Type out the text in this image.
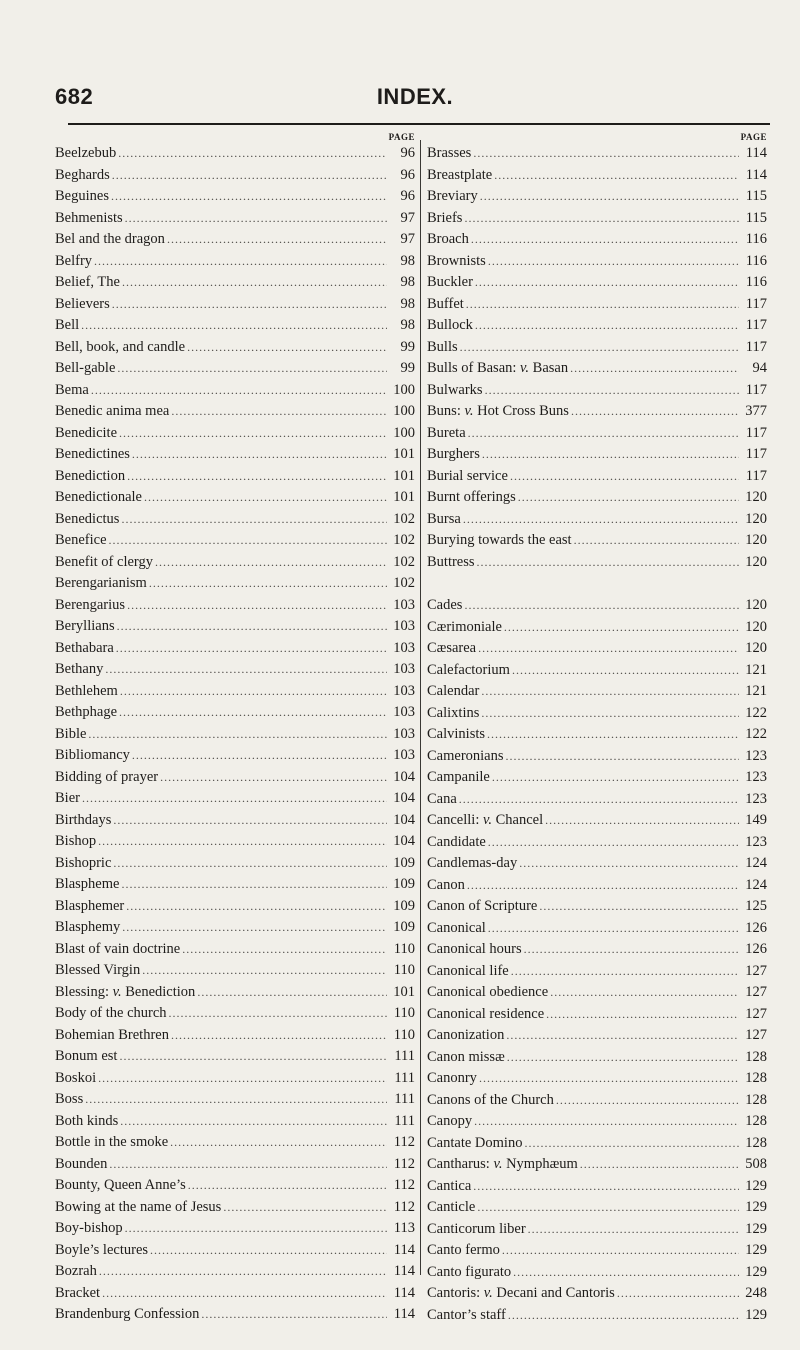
682	INDEX.
PAGE
Beelzebub .....	96
Beghards .....	96
Beguines .....	96
Behmenists .....	97
Bel and the dragon .....	97
Belfry .....	98
Belief, The .....	98
Believers .....	98
Bell .....	98
Bell, book, and candle .....	99
Bell-gable .....	99
Bema .....	100
Benedic anima mea .....	100
Benedicite .....	100
Benedictines .....	101
Benediction .....	101
Benedictionale .....	101
Benedictus .....	102
Benefice .....	102
Benefit of clergy .....	102
Berengarianism .....	102
Berengarius .....	103
Beryllians .....	103
Bethabara .....	103
Bethany .....	103
Bethlehem .....	103
Bethphage .....	103
Bible .....	103
Bibliomancy .....	103
Bidding of prayer .....	104
Bier .....	104
Birthdays .....	104
Bishop .....	104
Bishopric .....	109
Blaspheme .....	109
Blasphemer .....	109
Blasphemy .....	109
Blast of vain doctrine .....	110
Blessed Virgin .....	110
Blessing: v. Benediction .....	101
Body of the church .....	110
Bohemian Brethren .....	110
Bonum est .....	111
Boskoi .....	111
Boss .....	111
Both kinds .....	111
Bottle in the smoke .....	112
Bounden .....	112
Bounty, Queen Anne’s .....	112
Bowing at the name of Jesus .....	112
Boy-bishop .....	113
Boyle’s lectures .....	114
Bozrah .....	114
Bracket .....	114
Brandenburg Confession .....	114
PAGE
Brasses .....	114
Breastplate .....	114
Breviary .....	115
Briefs .....	115
Broach .....	116
Brownists .....	116
Buckler .....	116
Buffet .....	117
Bullock .....	117
Bulls .....	117
Bulls of Basan: v. Basan .....	94
Bulwarks .....	117
Buns: v. Hot Cross Buns .....	377
Bureta .....	117
Burghers .....	117
Burial service .....	117
Burnt offerings .....	120
Bursa .....	120
Burying towards the east .....	120
Buttress .....	120
Cades .....	120
Cærimoniale .....	120
Cæsarea .....	120
Calefactorium .....	121
Calendar .....	121
Calixtins .....	122
Calvinists .....	122
Cameronians .....	123
Campanile .....	123
Cana .....	123
Cancelli: v. Chancel .....	149
Candidate .....	123
Candlemas-day .....	124
Canon .....	124
Canon of Scripture .....	125
Canonical .....	126
Canonical hours .....	126
Canonical life .....	127
Canonical obedience .....	127
Canonical residence .....	127
Canonization .....	127
Canon missæ .....	128
Canonry .....	128
Canons of the Church .....	128
Canopy .....	128
Cantate Domino .....	128
Cantharus: v. Nymphæum .....	508
Cantica .....	129
Canticle .....	129
Canticorum liber .....	129
Canto fermo .....	129
Canto figurato .....	129
Cantoris: v. Decani and Cantoris .....	248
Cantor’s staff .....	129
